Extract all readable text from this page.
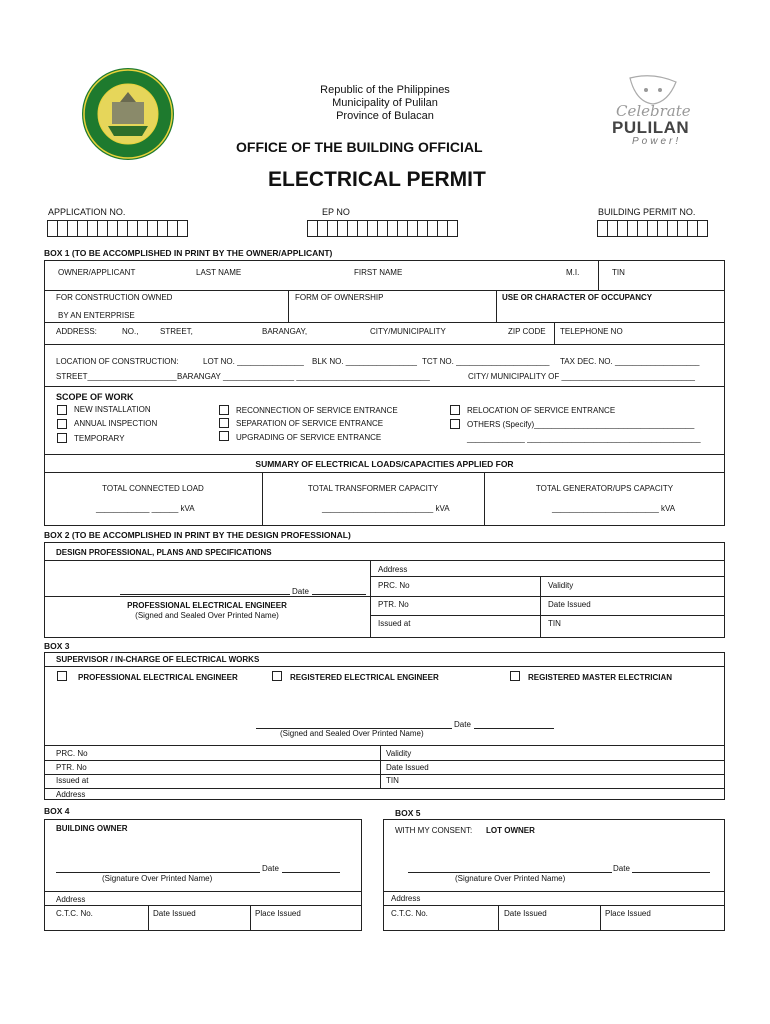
Republic of the Philippines
Municipality of Pulilan
Province of Bulacan	Celebrate
PULILAN
Power!
OFFICE OF THE BUILDING OFFICIAL
ELECTRICAL PERMIT
APPLICATION NO.	EP NO	BUILDING PERMIT NO.
BOX 1 (TO BE ACCOMPLISHED IN PRINT BY THE OWNER/APPLICANT)
OWNER/APPLICANT	LAST NAME	FIRST NAME	M.I.	TIN
FOR CONSTRUCTION OWNED
BY AN ENTERPRISE
FORM OF OWNERSHIP	USE OR CHARACTER OF OCCUPANCY
ADDRESS:	NO.,	STREET,	BARANGAY,	CITY/MUNICIPALITY	ZIP CODE TELEPHONE NO
LOCATION OF CONSTRUCTION:	LOT NO. _______________ BLK NO. ________________ TCT NO. _____________________ TAX DEC. NO. ___________________
STREET____________________ BARANGAY ________________ ______________________________	CITY/ MUNICIPALITY OF ______________________________
SCOPE OF WORK
NEW INSTALLATION
ANNUAL INSPECTION
TEMPORARY
RECONNECTION OF SERVICE ENTRANCE
SEPARATION OF SERVICE ENTRANCE
UPGRADING OF SERVICE ENTRANCE
RELOCATION OF SERVICE ENTRANCE
OTHERS (Specify)____________________________________
_____________ _______________________________________
SUMMARY OF ELECTRICAL LOADS/CAPACITIES APPLIED FOR
TOTAL CONNECTED LOAD	TOTAL TRANSFORMER CAPACITY	TOTAL GENERATOR/UPS CAPACITY
____________ ______ kVA	_________________________ kVA	________________________ kVA
BOX 2 (TO BE ACCOMPLISHED IN PRINT BY THE DESIGN PROFESSIONAL)
DESIGN PROFESSIONAL, PLANS AND SPECIFICATIONS
Date
PROFESSIONAL ELECTRICAL ENGINEER
(Signed and Sealed Over Printed Name)
Address
PRC. No	Validity
PTR. No	Date Issued
Issued at	TIN
BOX 3
SUPERVISOR / IN-CHARGE OF ELECTRICAL WORKS
PROFESSIONAL ELECTRICAL ENGINEER	REGISTERED ELECTRICAL ENGINEER	REGISTERED MASTER ELECTRICIAN
Date
(Signed and Sealed Over Printed Name)
PRC. No	Validity
PTR. No	Date Issued
Issued at	TIN
Address
BOX 4
BUILDING OWNER
Date
(Signature Over Printed Name)
Address
C.T.C. No.	Date Issued	Place Issued
BOX 5
WITH MY CONSENT: LOT OWNER
Date
(Signature Over Printed Name)
Address
C.T.C. No.	Date Issued	Place Issued
